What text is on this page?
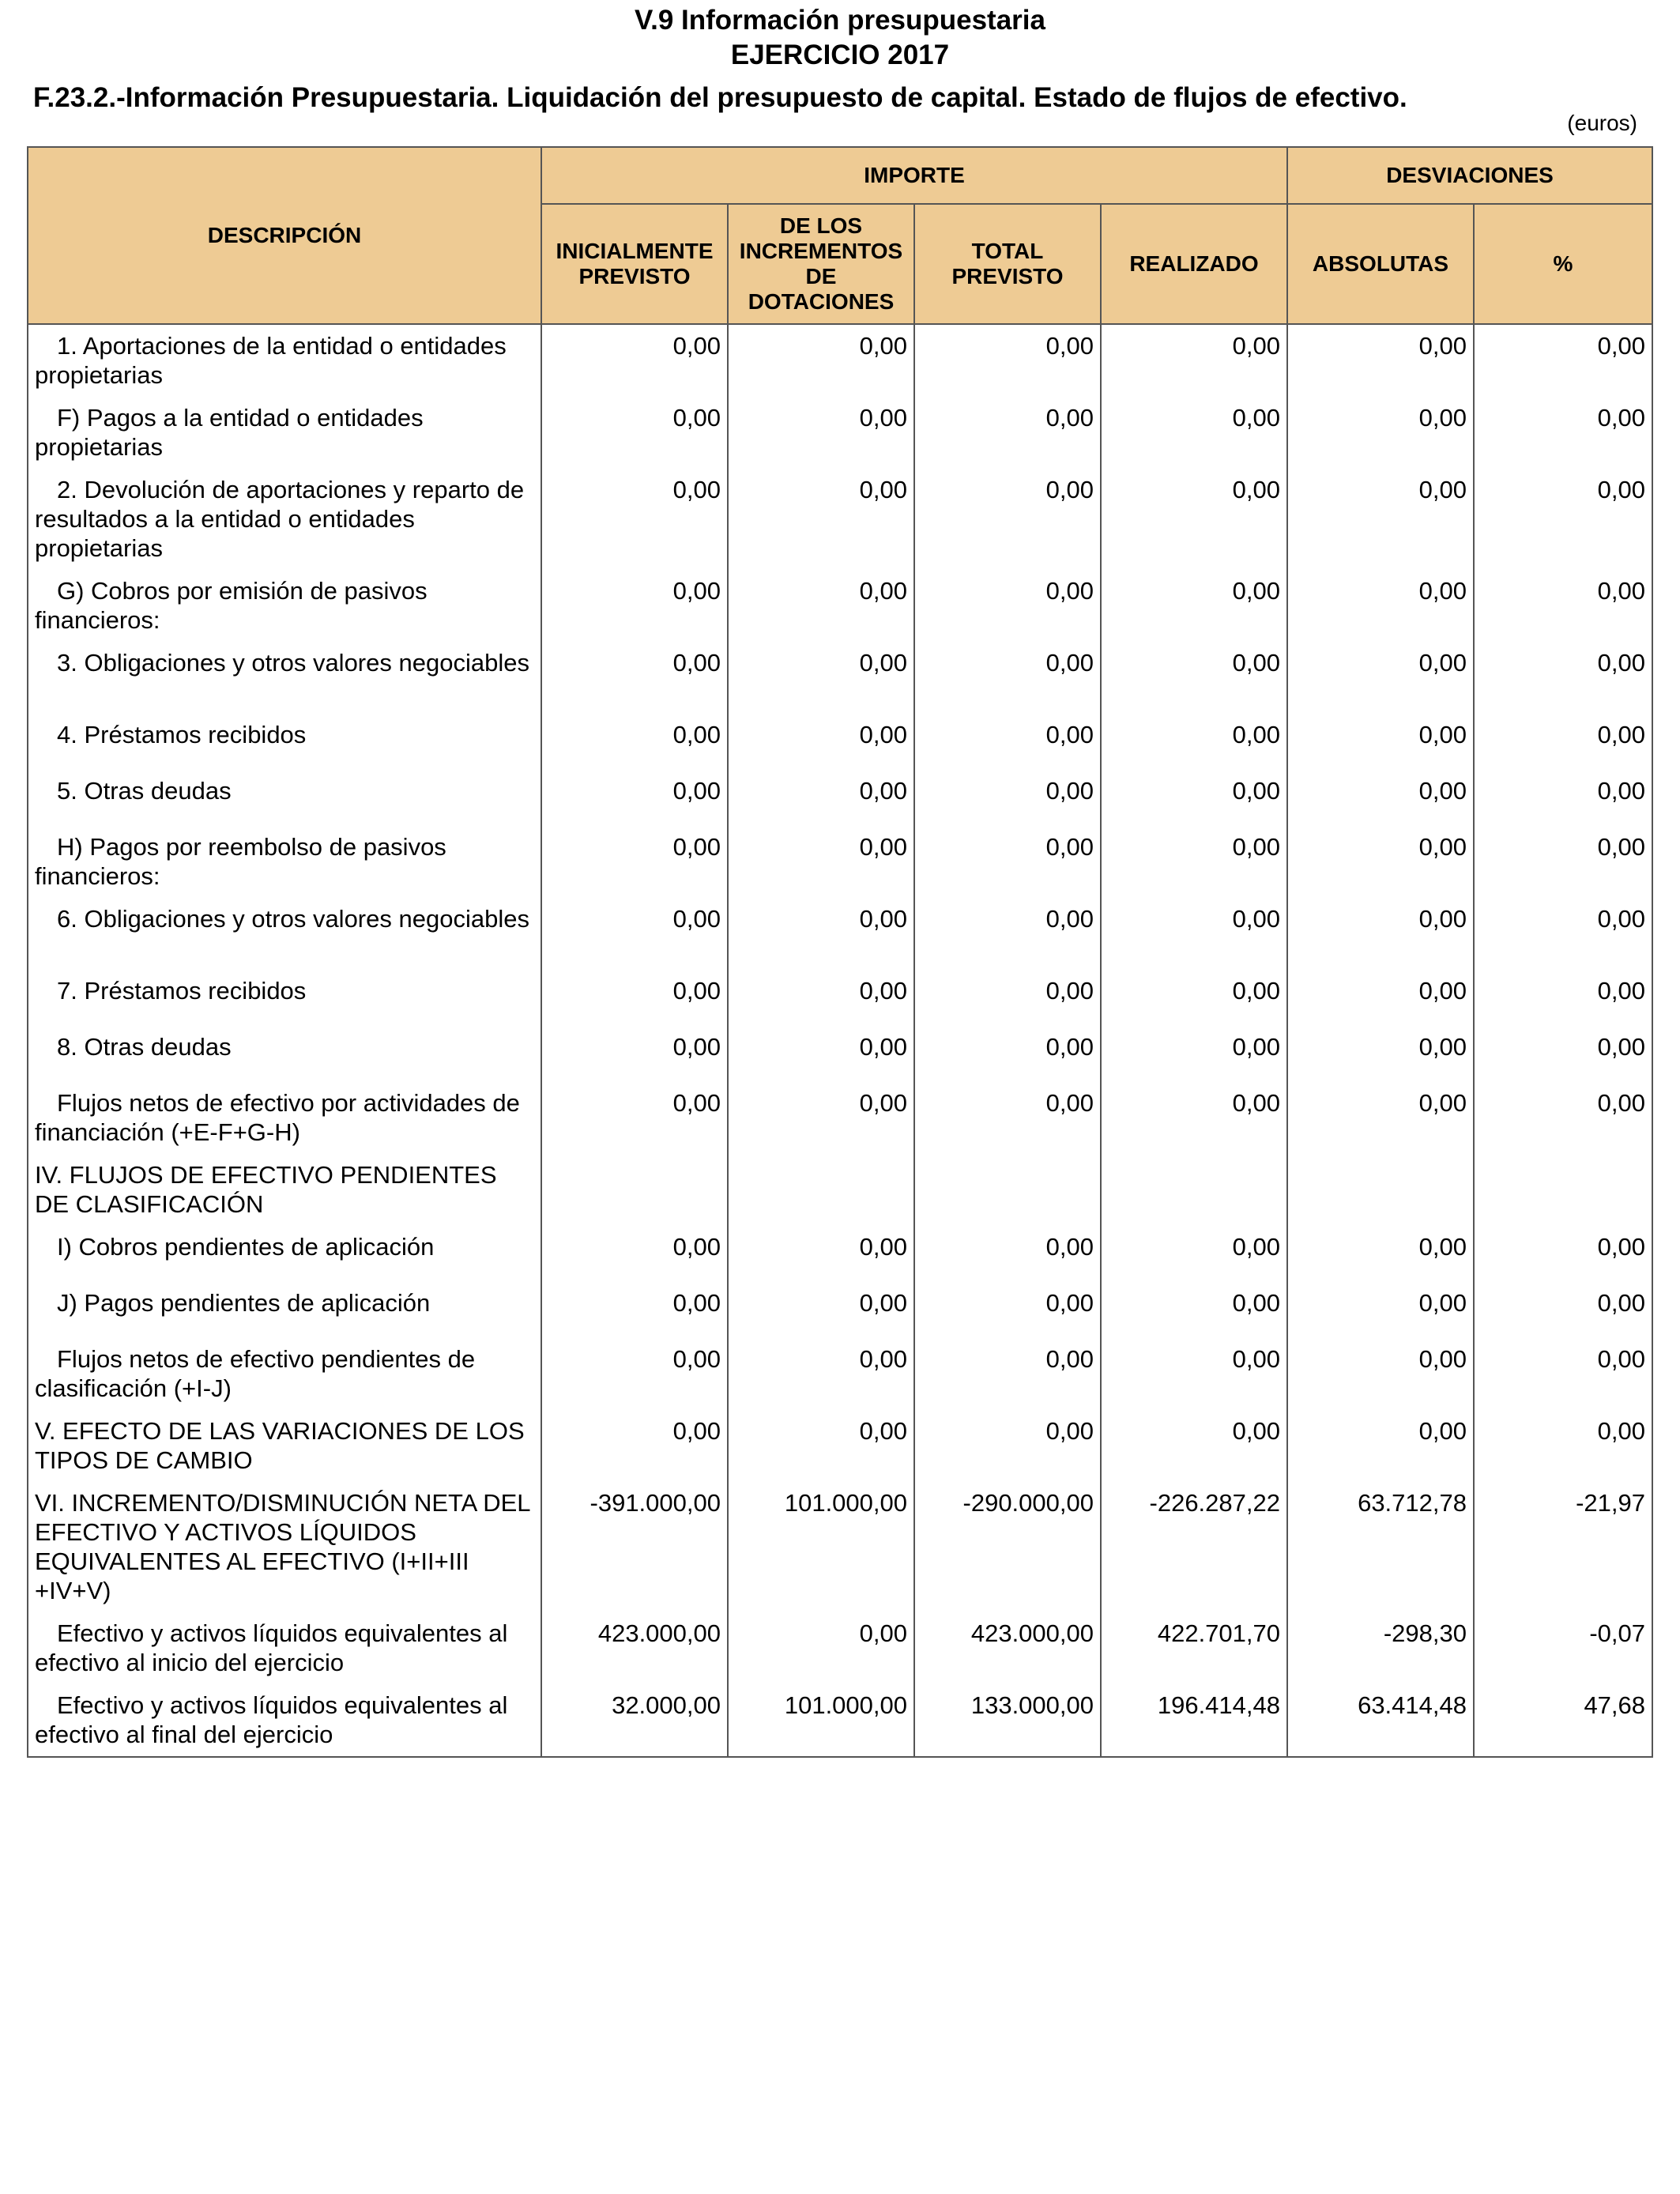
V.9 Información presupuestaria
EJERCICIO 2017
F.23.2.-Información Presupuestaria. Liquidación del presupuesto de capital. Estado de flujos de efectivo.
(euros)
DESCRIPCIÓN	IMPORTE				DESVIACIONES	
	INICIALMENTE PREVISTO	DE LOS INCREMENTOS DE DOTACIONES	TOTAL PREVISTO	REALIZADO	ABSOLUTAS	%
1. Aportaciones de la entidad o entidades propietarias	0,00	0,00	0,00	0,00	0,00	0,00
F) Pagos a la entidad o entidades propietarias	0,00	0,00	0,00	0,00	0,00	0,00
2. Devolución de aportaciones y reparto de resultados a la entidad o entidades propietarias	0,00	0,00	0,00	0,00	0,00	0,00
G) Cobros por emisión de pasivos financieros:	0,00	0,00	0,00	0,00	0,00	0,00
3. Obligaciones y otros valores negociables	0,00	0,00	0,00	0,00	0,00	0,00
4. Préstamos recibidos	0,00	0,00	0,00	0,00	0,00	0,00
5. Otras deudas	0,00	0,00	0,00	0,00	0,00	0,00
H) Pagos por reembolso de pasivos financieros:	0,00	0,00	0,00	0,00	0,00	0,00
6. Obligaciones y otros valores negociables	0,00	0,00	0,00	0,00	0,00	0,00
7. Préstamos recibidos	0,00	0,00	0,00	0,00	0,00	0,00
8. Otras deudas	0,00	0,00	0,00	0,00	0,00	0,00
Flujos netos de efectivo por actividades de financiación (+E-F+G-H)	0,00	0,00	0,00	0,00	0,00	0,00
IV. FLUJOS DE EFECTIVO PENDIENTES DE CLASIFICACIÓN						
I) Cobros pendientes de aplicación	0,00	0,00	0,00	0,00	0,00	0,00
J) Pagos pendientes de aplicación	0,00	0,00	0,00	0,00	0,00	0,00
Flujos netos de efectivo pendientes de clasificación (+I-J)	0,00	0,00	0,00	0,00	0,00	0,00
V. EFECTO DE LAS VARIACIONES DE LOS TIPOS DE CAMBIO	0,00	0,00	0,00	0,00	0,00	0,00
VI. INCREMENTO/DISMINUCIÓN NETA DEL EFECTIVO Y ACTIVOS LÍQUIDOS EQUIVALENTES AL EFECTIVO (I+II+III +IV+V)	-391.000,00	101.000,00	-290.000,00	-226.287,22	63.712,78	-21,97
Efectivo y activos líquidos equivalentes al efectivo al inicio del ejercicio	423.000,00	0,00	423.000,00	422.701,70	-298,30	-0,07
Efectivo y activos líquidos equivalentes al efectivo al final del ejercicio	32.000,00	101.000,00	133.000,00	196.414,48	63.414,48	47,68
